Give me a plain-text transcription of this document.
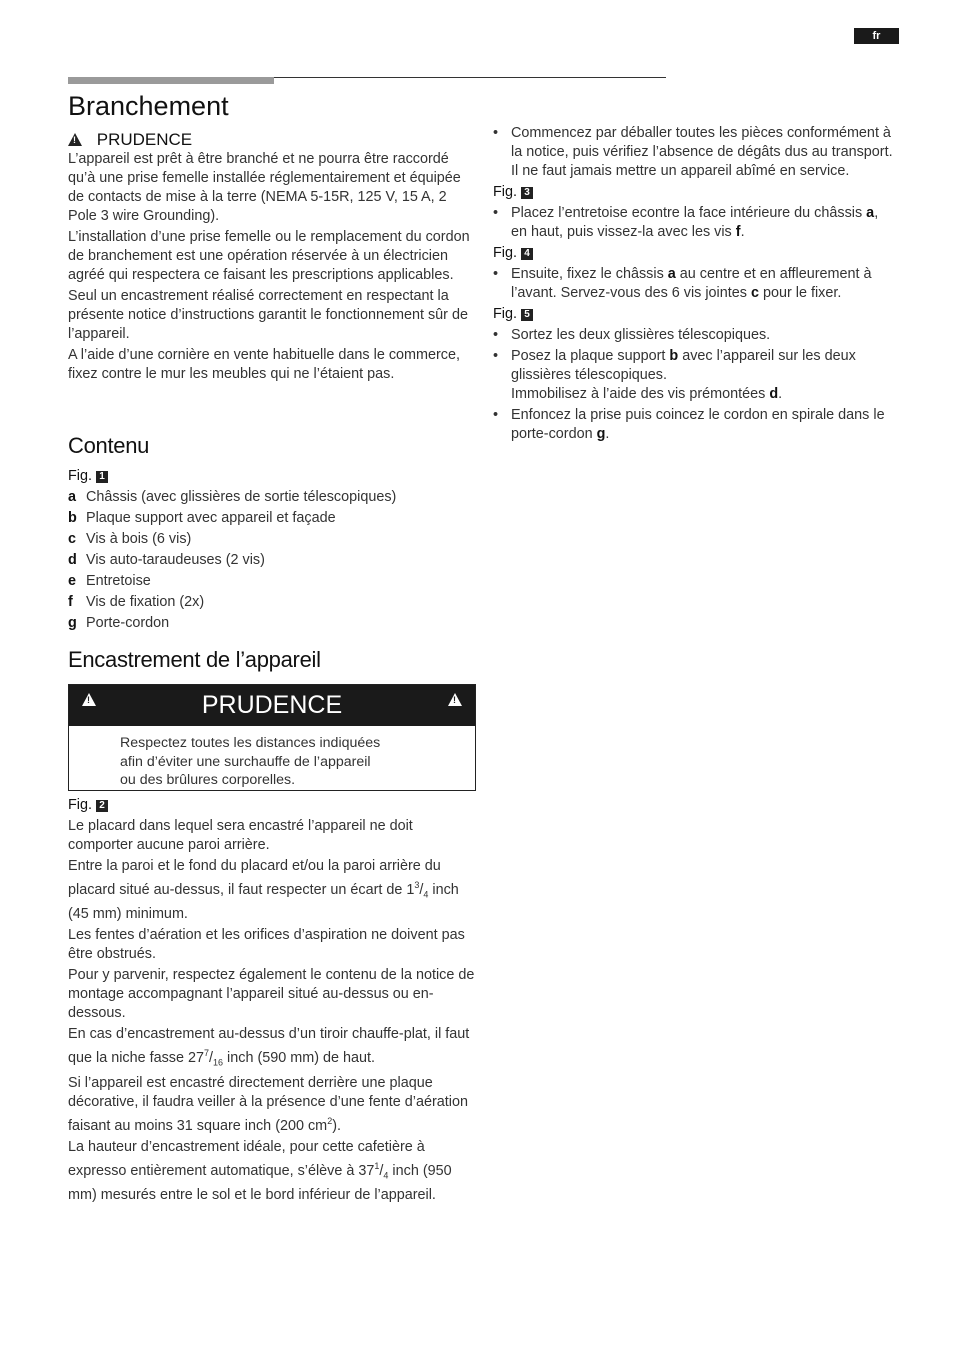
fr
Branchement
! PRUDENCE

L’appareil est prêt à être branché et ne pourra être raccordé qu’à une prise femelle installée réglementairement et équipée de contacts de mise à la terre (NEMA 5-15R, 125 V, 15 A, 2 Pole 3 wire Grounding).

L’installation d’une prise femelle ou le remplacement du cordon de branchement est une opération réservée à un électricien agréé qui respectera ce faisant les prescriptions applicables.

Seul un encastrement réalisé correctement en respectant la présente notice d’instructions garantit le fonctionnement sûr de l’appareil.

A l’aide d’une cornière en vente habituelle dans le commerce, fixez contre le mur les meubles qui ne l’étaient pas.

Contenu
Fig. 1
a Châssis (avec glissières de sortie télescopiques)
b Plaque support avec appareil et façade
c Vis à bois (6 vis)
d Vis auto-taraudeuses (2 vis)
e Entretoise
f Vis de fixation (2x)
g Porte-cordon
Encastrement de l’appareil
!
PRUDENCE
!
Respectez toutes les distances indiquées
afin d’éviter une surchauffe de l’appareil
ou des brûlures corporelles.
Fig. 2

Le placard dans lequel sera encastré l’appareil ne doit comporter aucune paroi arrière.

Entre la paroi et le fond du placard et/ou la paroi arrière du placard situé au-dessus, il faut respecter un écart de $1^3/_4$ inch (45 mm) minimum.

Les fentes d’aération et les orifices d’aspiration ne doivent pas être obstrués.

Pour y parvenir, respectez également le contenu de la notice de montage accompagnant l’appareil situé au-dessus ou en-dessous.

En cas d’encastrement au-dessus d’un tiroir chauffe-plat, il faut que la niche fasse $27^7/_{16}$ inch (590 mm) de haut.

Si l’appareil est encastré directement derrière une plaque décorative, il faudra veiller à la présence d’une fente d’aération faisant au moins 31 square inch (200 $cm^2$).

La hauteur d’encastrement idéale, pour cette cafetière à expresso entièrement automatique, s’élève à $37^1/_4$ inch (950 mm) mesurés entre le sol et le bord inférieur de l’appareil.

• Commencez par déballer toutes les pièces conformément à la notice, puis vérifiez l’absence de dégâts dus au transport.
Il ne faut jamais mettre un appareil abîmé en service.
Fig. 3
• Placez l’entretoise econtre la face intérieure du châssis a, en haut, puis vissez-la avec les vis f.
Fig. 4
• Ensuite, fixez le châssis a au centre et en affleurement à l’avant. Servez-vous des 6 vis jointes c pour le fixer.
Fig. 5
• Sortez les deux glissières télescopiques.
• Posez la plaque support b avec l’appareil sur les deux glissières télescopiques.
Immobilisez à l’aide des vis prémontées d.
• Enfoncez la prise puis coincez le cordon en spirale dans le porte-cordon g.
